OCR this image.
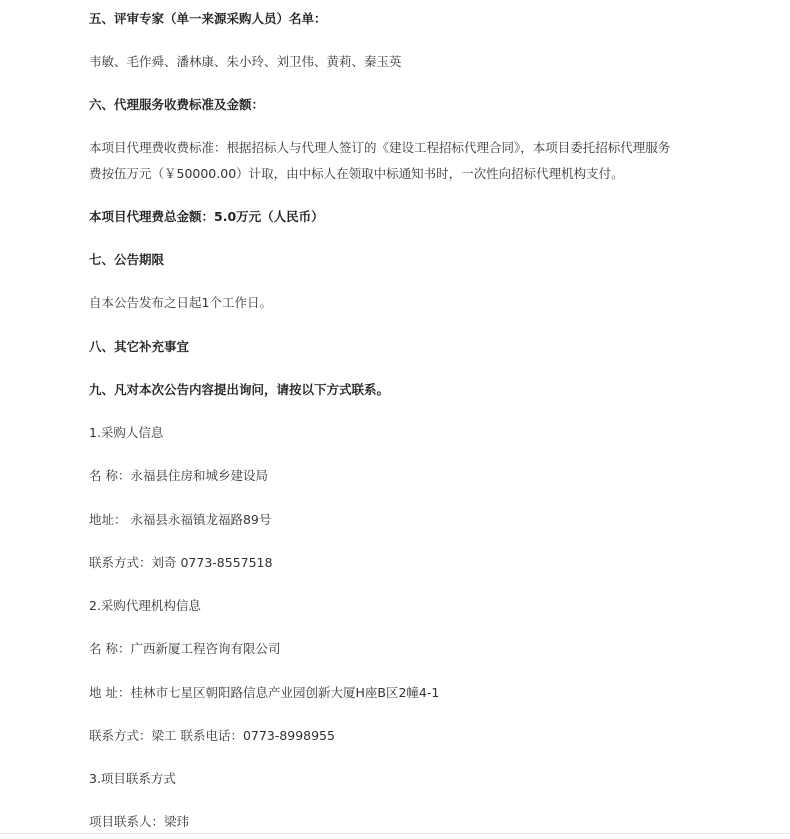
五、评审专家（单一来源采购人员）名单：
韦敏、毛作舜、潘林康、朱小玲、刘卫伟、黄莉、秦玉英
六、代理服务收费标准及金额：
本项目代理费收费标准：根据招标人与代理人签订的《建设工程招标代理合同》，本项目委托招标代理服务
费按伍万元（￥50000.00）计取，由中标人在领取中标通知书时，一次性向招标代理机构支付。
本项目代理费总金额：5.0万元（人民币）
七、公告期限
自本公告发布之日起1个工作日。
八、其它补充事宜
九、凡对本次公告内容提出询问，请按以下方式联系。
1.采购人信息
名 称：永福县住房和城乡建设局
地址： 永福县永福镇龙福路89号
联系方式：刘奇 0773-8557518
2.采购代理机构信息
名 称：广西新厦工程咨询有限公司
地 址：桂林市七星区朝阳路信息产业园创新大厦H座B区2幢4-1
联系方式：梁工 联系电话：0773-8998955
3.项目联系方式
项目联系人：梁玮
